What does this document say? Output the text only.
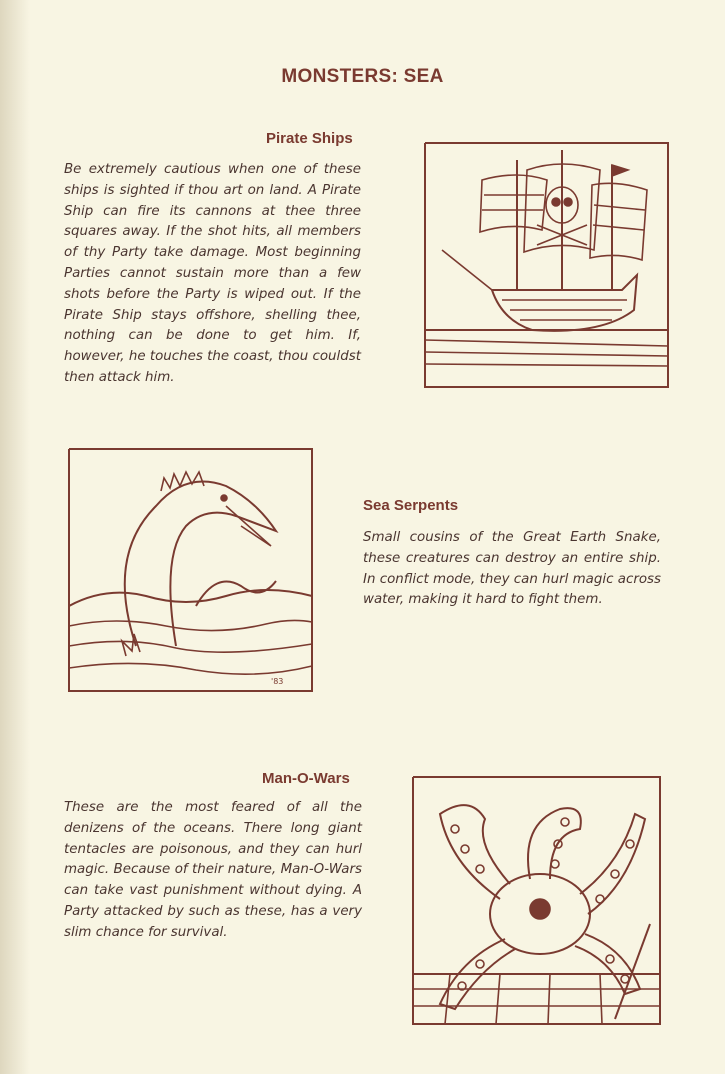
MONSTERS: SEA
Pirate Ships
Be extremely cautious when one of these ships is sighted if thou art on land. A Pirate Ship can fire its cannons at thee three squares away. If the shot hits, all members of thy Party take damage. Most beginning Parties cannot sustain more than a few shots before the Party is wiped out. If the Pirate Ship stays offshore, shelling thee, nothing can be done to get him. If, however, he touches the coast, thou couldst then attack him.
'83
Sea Serpents
Small cousins of the Great Earth Snake, these creatures can destroy an entire ship. In conflict mode, they can hurl magic across water, making it hard to fight them.
Man-O-Wars
These are the most feared of all the denizens of the oceans. There long giant tentacles are poisonous, and they can hurl magic. Because of their nature, Man-O-Wars can take vast punishment without dying. A Party attacked by such as these, has a very slim chance for survival.
